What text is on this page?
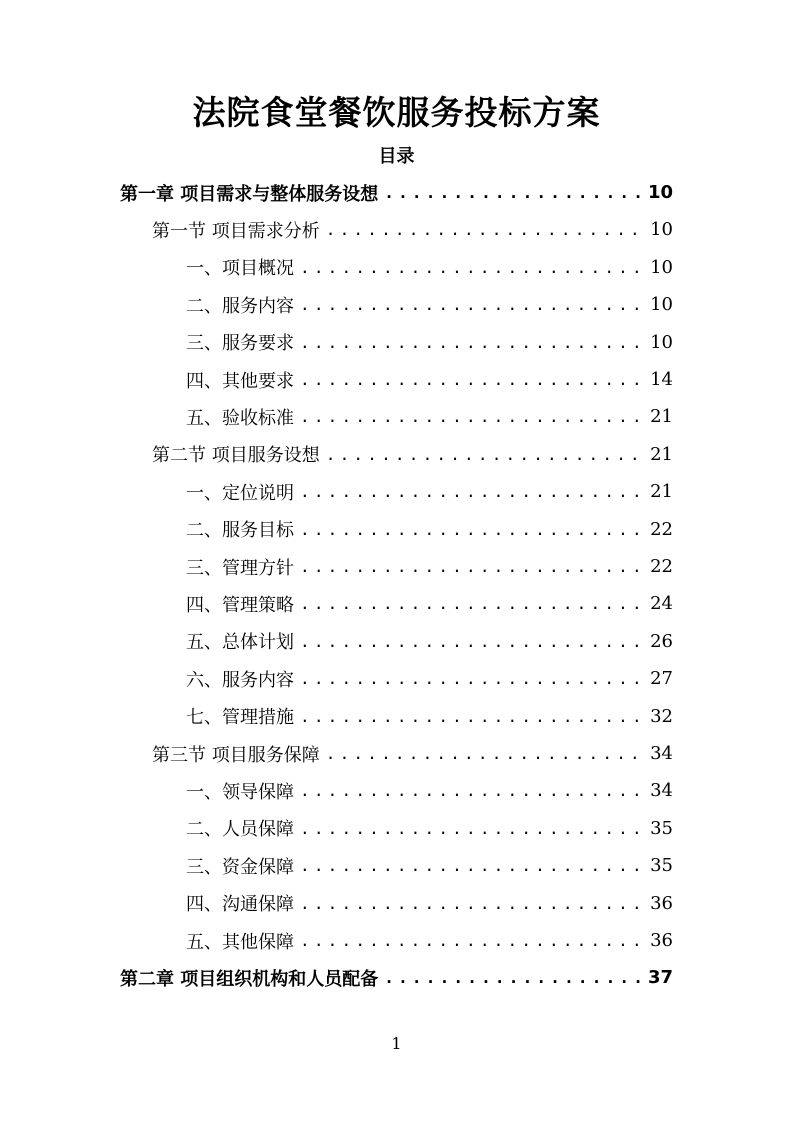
法院食堂餐饮服务投标方案
目录
第一章 项目需求与整体服务设想 .....	10
第一节 项目需求分析 .....	10
一、项目概况 .....	10
二、服务内容 .....	10
三、服务要求 .....	10
四、其他要求 .....	14
五、验收标准 .....	21
第二节 项目服务设想 .....	21
一、定位说明 .....	21
二、服务目标 .....	22
三、管理方针 .....	22
四、管理策略 .....	24
五、总体计划 .....	26
六、服务内容 .....	27
七、管理措施 .....	32
第三节 项目服务保障 .....	34
一、领导保障 .....	34
二、人员保障 .....	35
三、资金保障 .....	35
四、沟通保障 .....	36
五、其他保障 .....	36
第二章 项目组织机构和人员配备 .....	37
1
